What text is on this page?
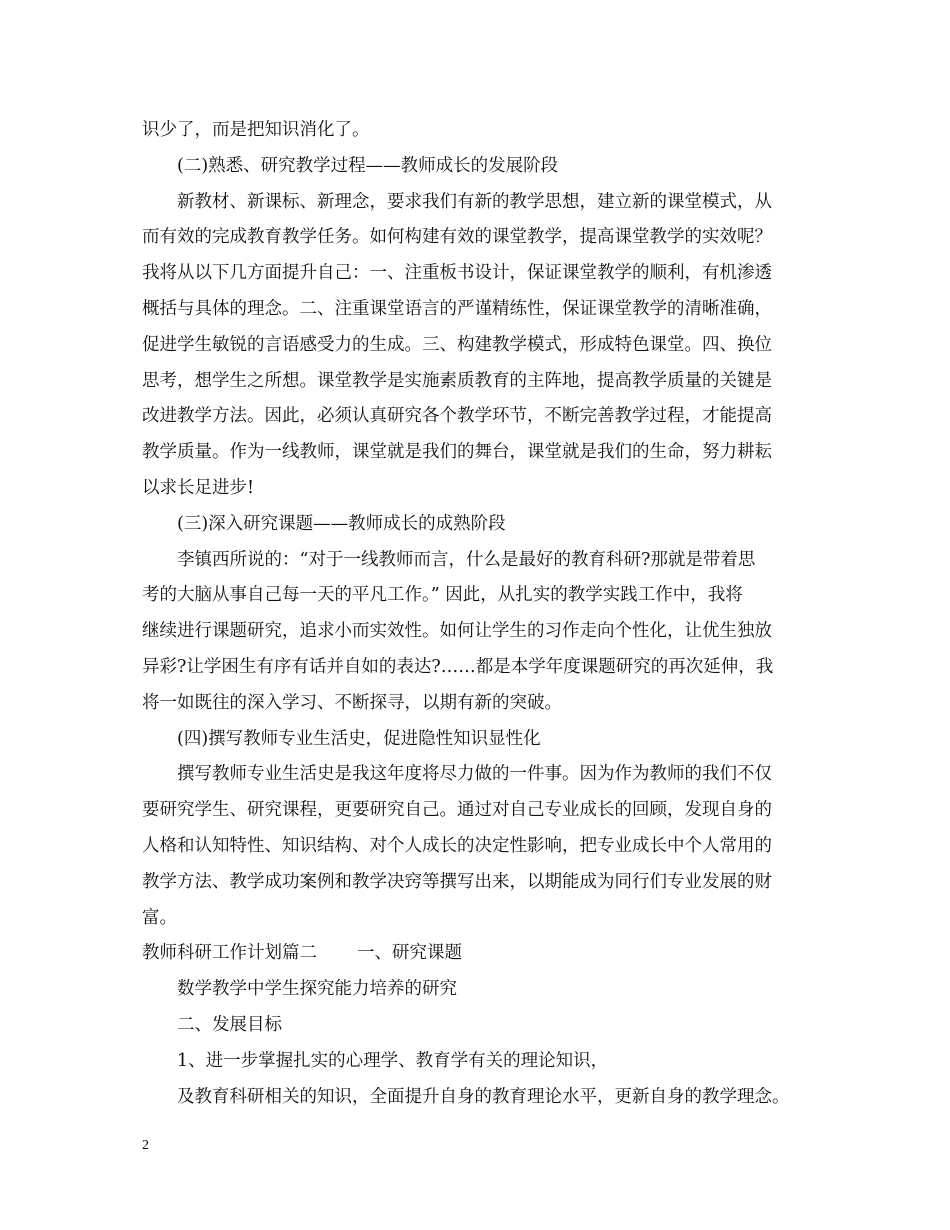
识少了，而是把知识消化了。

(二)熟悉、研究教学过程——教师成长的发展阶段

新教材、新课标、新理念，要求我们有新的教学思想，建立新的课堂模式，从

而有效的完成教育教学任务。如何构建有效的课堂教学，提高课堂教学的实效呢？

我将从以下几方面提升自己：一、注重板书设计，保证课堂教学的顺利，有机渗透

概括与具体的理念。二、注重课堂语言的严谨精练性，保证课堂教学的清晰准确，

促进学生敏锐的言语感受力的生成。三、构建教学模式，形成特色课堂。四、换位

思考，想学生之所想。课堂教学是实施素质教育的主阵地，提高教学质量的关键是

改进教学方法。因此，必须认真研究各个教学环节，不断完善教学过程，才能提高

教学质量。作为一线教师，课堂就是我们的舞台，课堂就是我们的生命，努力耕耘

以求长足进步!

(三)深入研究课题——教师成长的成熟阶段

李镇西所说的：“对于一线教师而言，什么是最好的教育科研?那就是带着思

考的大脑从事自己每一天的平凡工作。” 因此，从扎实的教学实践工作中，我将

继续进行课题研究，追求小而实效性。如何让学生的习作走向个性化，让优生独放

异彩?让学困生有序有话并自如的表达?……都是本学年度课题研究的再次延伸，我

将一如既往的深入学习、不断探寻，以期有新的突破。

(四)撰写教师专业生活史，促进隐性知识显性化

撰写教师专业生活史是我这年度将尽力做的一件事。因为作为教师的我们不仅

要研究学生、研究课程，更要研究自己。通过对自己专业成长的回顾，发现自身的

人格和认知特性、知识结构、对个人成长的决定性影响，把专业成长中个人常用的

教学方法、教学成功案例和教学决窍等撰写出来，以期能成为同行们专业发展的财

富。

教师科研工作计划篇二 一、研究课题

数学教学中学生探究能力培养的研究

二、发展目标

1、进一步掌握扎实的心理学、教育学有关的理论知识，

及教育科研相关的知识，全面提升自身的教育理论水平，更新自身的教学理念。

2
